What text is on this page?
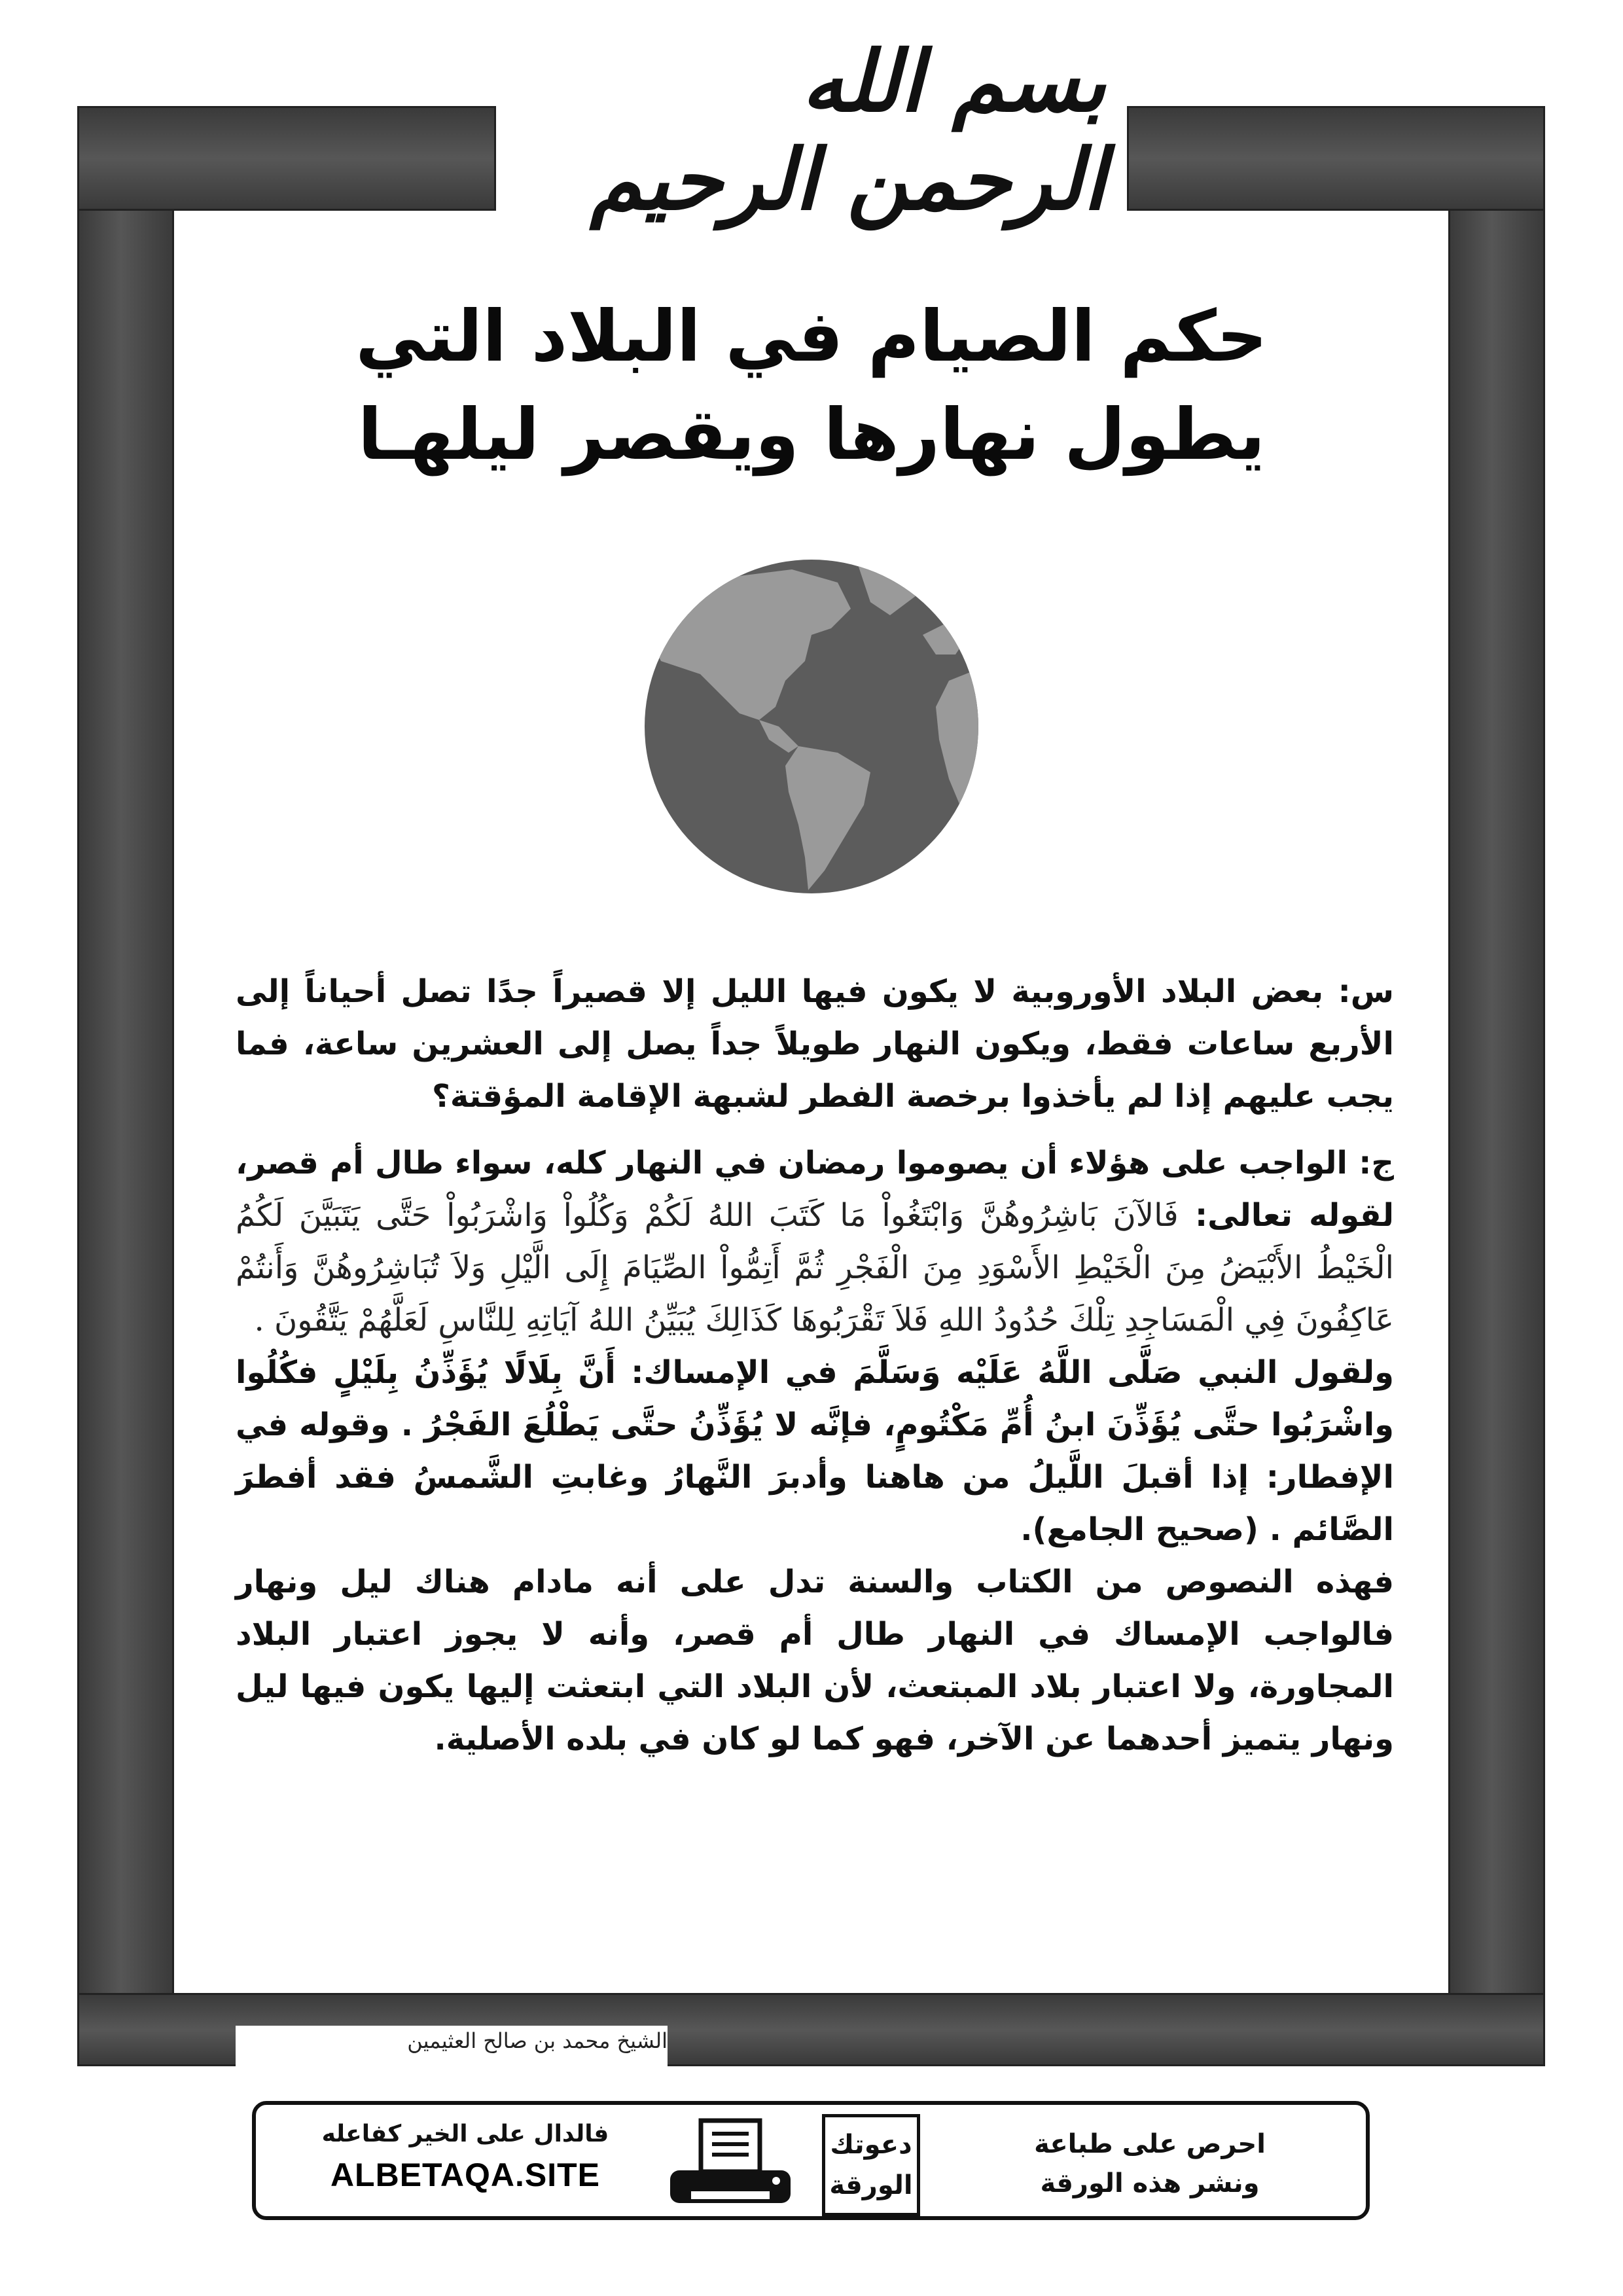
بسم الله الرحمن الرحيم
حكم الصيام في البلاد التي
يطول نهارها ويقصر ليلهـا

س: بعض البلاد الأوروبية لا يكون فيها الليل إلا قصيراً جدًا تصل أحياناً إلى الأربع ساعات فقط، ويكون النهار طويلاً جداً يصل إلى العشرين ساعة، فما يجب عليهم إذا لم يأخذوا برخصة الفطر لشبهة الإقامة المؤقتة؟

ج: الواجب على هؤلاء أن يصوموا رمضان في النهار كله، سواء طال أم قصر، لقوله تعالى: فَالآنَ بَاشِرُوهُنَّ وَابْتَغُواْ مَا كَتَبَ اللهُ لَكُمْ وَكُلُواْ وَاشْرَبُواْ حَتَّى يَتَبَيَّنَ لَكُمُ الْخَيْطُ الأَبْيَضُ مِنَ الْخَيْطِ الأَسْوَدِ مِنَ الْفَجْرِ ثُمَّ أَتِمُّواْ الصِّيَامَ إِلَى الَّيْلِ وَلاَ تُبَاشِرُوهُنَّ وَأَنتُمْ عَاكِفُونَ فِي الْمَسَاجِدِ تِلْكَ حُدُودُ اللهِ فَلاَ تَقْرَبُوهَا كَذَالِكَ يُبَيِّنُ اللهُ آيَاتِهِ لِلنَّاسِ لَعَلَّهُمْ يَتَّقُونَ .

ولقول النبي صَلَّى اللَّهُ عَلَيْه وَسَلَّمَ في الإمساك: أَنَّ بِلَالًا يُؤَذِّنُ بِلَيْلٍ فكُلُوا واشْرَبُوا حتَّى يُؤَذِّنَ ابنُ أُمِّ مَكْتُومٍ، فإنَّه لا يُؤَذِّنُ حتَّى يَطْلُعَ الفَجْرُ . وقوله في الإفطار: إذا أقبلَ اللَّيلُ من هاهنا وأدبرَ النَّهارُ وغابتِ الشَّمسُ فقد أفطرَ الصَّائم . (صحيح الجامع).

فهذه النصوص من الكتاب والسنة تدل على أنه مادام هناك ليل ونهار فالواجب الإمساك في النهار طال أم قصر، وأنه لا يجوز اعتبار البلاد المجاورة، ولا اعتبار بلاد المبتعث، لأن البلاد التي ابتعثت إليها يكون فيها ليل ونهار يتميز أحدهما عن الآخر، فهو كما لو كان في بلده الأصلية.

الشيخ محمد بن صالح العثيمين
فالدال على الخير كفاعله
ALBETAQA.SITE
دعوتك
الورقة
احرص على طباعة
ونشر هذه الورقة
